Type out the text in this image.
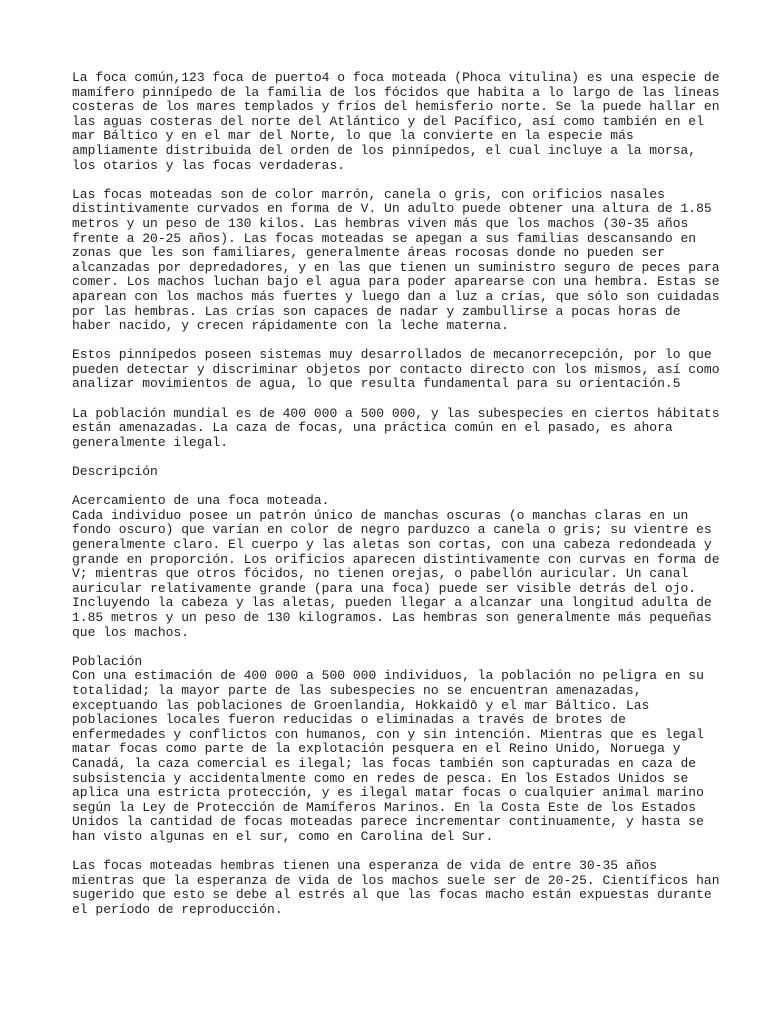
La foca común,123 foca de puerto4 o foca moteada (Phoca vitulina) es una especie de
mamífero pinnípedo de la familia de los fócidos que habita a lo largo de las líneas
costeras de los mares templados y fríos del hemisferio norte. Se la puede hallar en
las aguas costeras del norte del Atlántico y del Pacífico, así como también en el
mar Báltico y en el mar del Norte, lo que la convierte en la especie más
ampliamente distribuida del orden de los pinnípedos, el cual incluye a la morsa,
los otarios y las focas verdaderas.
Las focas moteadas son de color marrón, canela o gris, con orificios nasales
distintivamente curvados en forma de V. Un adulto puede obtener una altura de 1.85
metros y un peso de 130 kilos. Las hembras viven más que los machos (30-35 años
frente a 20-25 años). Las focas moteadas se apegan a sus familias descansando en
zonas que les son familiares, generalmente áreas rocosas donde no pueden ser
alcanzadas por depredadores, y en las que tienen un suministro seguro de peces para
comer. Los machos luchan bajo el agua para poder aparearse con una hembra. Estas se
aparean con los machos más fuertes y luego dan a luz a crías, que sólo son cuidadas
por las hembras. Las crías son capaces de nadar y zambullirse a pocas horas de
haber nacido, y crecen rápidamente con la leche materna.
Estos pinnípedos poseen sistemas muy desarrollados de mecanorrecepción, por lo que
pueden detectar y discriminar objetos por contacto directo con los mismos, así como
analizar movimientos de agua, lo que resulta fundamental para su orientación.5
La población mundial es de 400 000 a 500 000, y las subespecies en ciertos hábitats
están amenazadas. La caza de focas, una práctica común en el pasado, es ahora
generalmente ilegal.
Descripción
Acercamiento de una foca moteada.
Cada individuo posee un patrón único de manchas oscuras (o manchas claras en un
fondo oscuro) que varían en color de negro parduzco a canela o gris; su vientre es
generalmente claro. El cuerpo y las aletas son cortas, con una cabeza redondeada y
grande en proporción. Los orificios aparecen distintivamente con curvas en forma de
V; mientras que otros fócidos, no tienen orejas, o pabellón auricular. Un canal
auricular relativamente grande (para una foca) puede ser visible detrás del ojo.
Incluyendo la cabeza y las aletas, pueden llegar a alcanzar una longitud adulta de
1.85 metros y un peso de 130 kilogramos. Las hembras son generalmente más pequeñas
que los machos.
Población
Con una estimación de 400 000 a 500 000 individuos, la población no peligra en su
totalidad; la mayor parte de las subespecies no se encuentran amenazadas,
exceptuando las poblaciones de Groenlandia, Hokkaidō y el mar Báltico. Las
poblaciones locales fueron reducidas o eliminadas a través de brotes de
enfermedades y conflictos con humanos, con y sin intención. Mientras que es legal
matar focas como parte de la explotación pesquera en el Reino Unido, Noruega y
Canadá, la caza comercial es ilegal; las focas también son capturadas en caza de
subsistencia y accidentalmente como en redes de pesca. En los Estados Unidos se
aplica una estricta protección, y es ilegal matar focas o cualquier animal marino
según la Ley de Protección de Mamíferos Marinos. En la Costa Este de los Estados
Unidos la cantidad de focas moteadas parece incrementar continuamente, y hasta se
han visto algunas en el sur, como en Carolina del Sur.
Las focas moteadas hembras tienen una esperanza de vida de entre 30-35 años
mientras que la esperanza de vida de los machos suele ser de 20-25. Científicos han
sugerido que esto se debe al estrés al que las focas macho están expuestas durante
el período de reproducción.
